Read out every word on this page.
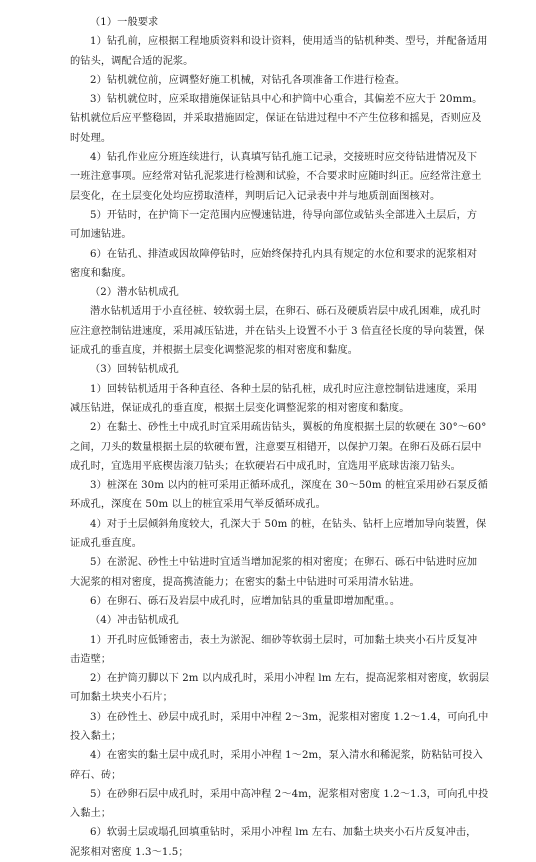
（1）一般要求
1）钻孔前，应根据工程地质资料和设计资料，使用适当的钻机种类、型号，并配备适用
的钻头，调配合适的泥浆。
2）钻机就位前，应调整好施工机械，对钻孔各项准备工作进行检查。
3）钻机就位时，应采取措施保证钻具中心和护筒中心重合，其偏差不应大于 20mm。
钻机就位后应平整稳固，并采取措施固定，保证在钻进过程中不产生位移和摇晃，否则应及
时处理。
4）钻孔作业应分班连续进行，认真填写钻孔施工记录，交接班时应交待钻进情况及下
一班注意事项。应经常对钻孔泥浆进行检测和试验，不合要求时应随时纠正。应经常注意土
层变化，在土层变化处均应捞取渣样，判明后记入记录表中并与地质剖面图核对。
5）开钻时，在护筒下一定范围内应慢速钻进，待导向部位或钻头全部进入土层后，方
可加速钻进。
6）在钻孔、排渣或因故障停钻时，应始终保持孔内具有规定的水位和要求的泥浆相对
密度和黏度。
（2）潜水钻机成孔
潜水钻机适用于小直径桩、较软弱土层，在卵石、砾石及硬质岩层中成孔困难，成孔时
应注意控制钻进速度，采用减压钻进，并在钻头上设置不小于 3 倍直径长度的导向装置，保
证成孔的垂直度，并根据土层变化调整泥浆的相对密度和黏度。
（3）回转钻机成孔
1）回转钻机适用于各种直径、各种土层的钻孔桩，成孔时应注意控制钻进速度，采用
减压钻进，保证成孔的垂直度，根据土层变化调整泥浆的相对密度和黏度。
2）在黏土、砂性土中成孔时宜采用疏齿钻头，翼板的角度根据土层的软硬在 30°～60°
之间，刀头的数量根据土层的软硬布置，注意要互相错开，以保护刀架。在卵石及砾石层中
成孔时，宜选用平底楔齿滚刀钻头；在软硬岩石中成孔时，宜选用平底球齿滚刀钻头。
3）桩深在 30m 以内的桩可采用正循环成孔，深度在 30～50m 的桩宜采用砂石泵反循
环成孔，深度在 50m 以上的桩宜采用气举反循环成孔。
4）对于土层倾斜角度较大，孔深大于 50m 的桩，在钻头、钻杆上应增加导向装置，保
证成孔垂直度。
5）在淤泥、砂性土中钻进时宜适当增加泥浆的相对密度；在卵石、砾石中钻进时应加
大泥浆的相对密度，提高携渣能力；在密实的黏土中钻进时可采用清水钻进。
6）在卵石、砾石及岩层中成孔时，应增加钻具的重量即增加配重。。
（4）冲击钻机成孔
1）开孔时应低锤密击，表土为淤泥、细砂等软弱土层时，可加黏土块夹小石片反复冲
击造壁；
2）在护筒刃脚以下 2m 以内成孔时，采用小冲程 lm 左右，提高泥浆相对密度，软弱层
可加黏土块夹小石片；
3）在砂性土、砂层中成孔时，采用中冲程 2～3m，泥浆相对密度 1.2～1.4，可向孔中
投入黏土；
4）在密实的黏土层中成孔时，采用小冲程 1～2m，泵入清水和稀泥浆，防粘钻可投入
碎石、砖；
5）在砂卵石层中成孔时，采用中高冲程 2～4m，泥浆相对密度 1.2～1.3，可向孔中投
入黏土；
6）软弱土层或塌孔回填重钻时，采用小冲程 lm 左右、加黏土块夹小石片反复冲击，
泥浆相对密度 1.3～1.5；
